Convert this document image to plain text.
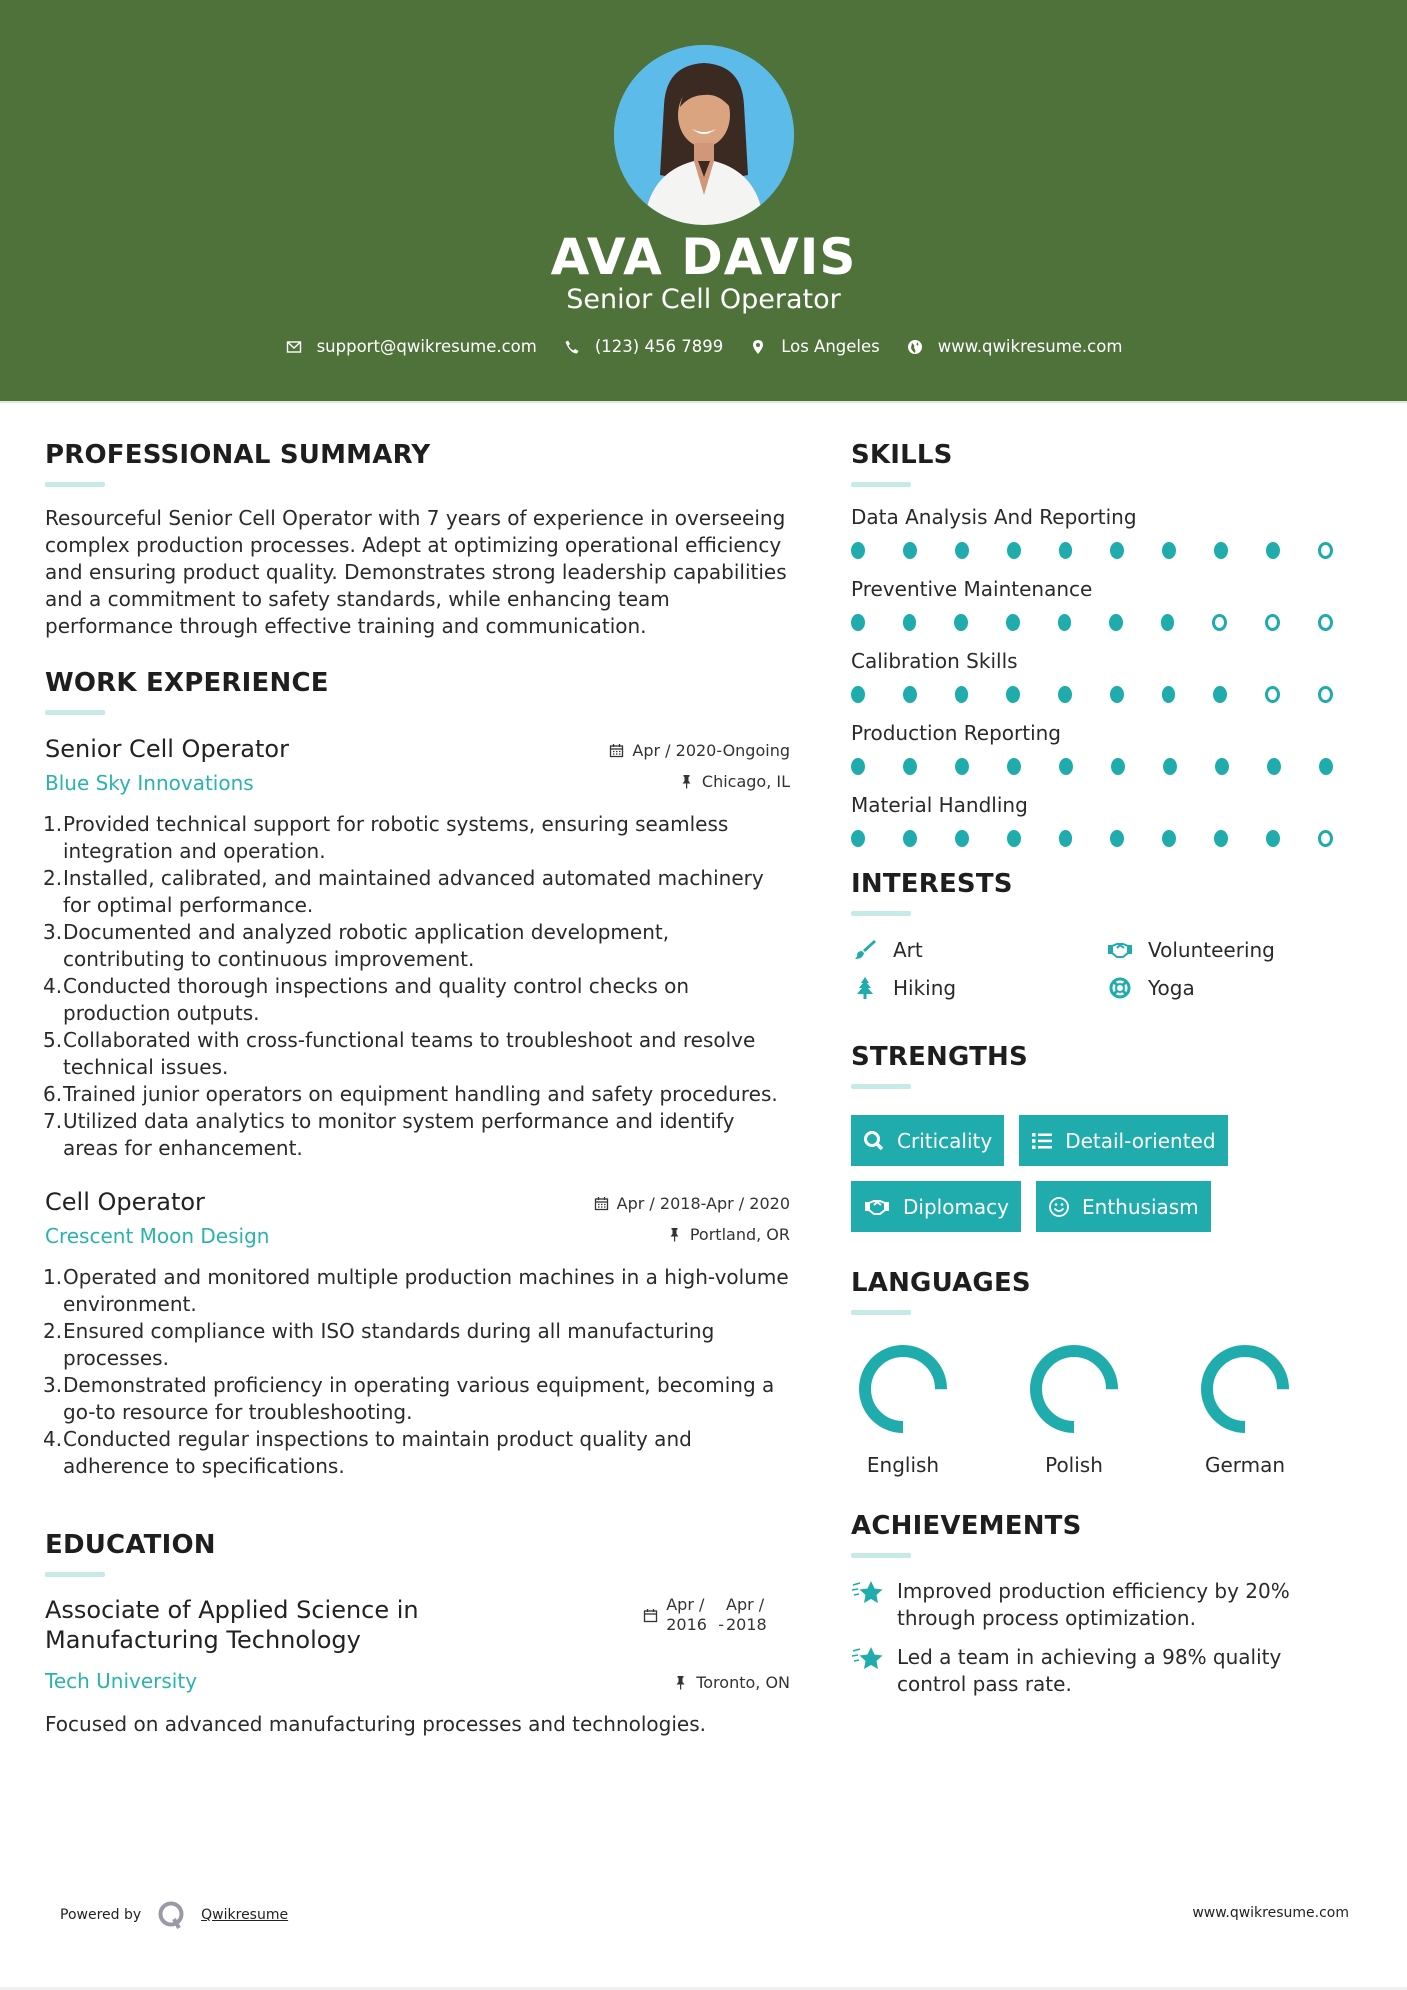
AVA DAVIS
Senior Cell Operator
support@qwikresume.com	(123) 456 7899	Los Angeles	www.qwikresume.com
PROFESSIONAL SUMMARY

Resourceful Senior Cell Operator with 7 years of experience in overseeing complex production processes. Adept at optimizing operational efficiency and ensuring product quality. Demonstrates strong leadership capabilities and a commitment to safety standards, while enhancing team performance through effective training and communication.

WORK EXPERIENCE
Senior Cell Operator
Blue Sky Innovations
Apr / 2020-Ongoing
Chicago, IL
1. Provided technical support for robotic systems, ensuring seamless integration and operation.
2. Installed, calibrated, and maintained advanced automated machinery for optimal performance.
3. Documented and analyzed robotic application development, contributing to continuous improvement.
4. Conducted thorough inspections and quality control checks on production outputs.
5. Collaborated with cross-functional teams to troubleshoot and resolve technical issues.
6. Trained junior operators on equipment handling and safety procedures.
7. Utilized data analytics to monitor system performance and identify areas for enhancement.
Cell Operator
Crescent Moon Design
Apr / 2018-Apr / 2020
Portland, OR
1. Operated and monitored multiple production machines in a high-volume environment.
2. Ensured compliance with ISO standards during all manufacturing processes.
3. Demonstrated proficiency in operating various equipment, becoming a go-to resource for troubleshooting.
4. Conducted regular inspections to maintain product quality and adherence to specifications.
EDUCATION
Associate of Applied Science in Manufacturing Technology
Tech University
Apr / 2016 -
Apr / 2018
Toronto, ON

Focused on advanced manufacturing processes and technologies.

SKILLS
Data Analysis And Reporting
Preventive Maintenance
Calibration Skills
Production Reporting
Material Handling
INTERESTS
Art	Volunteering
Hiking	Yoga
STRENGTHS
Criticality	Detail-oriented
Diplomacy	Enthusiasm
LANGUAGES
English	Polish	German
ACHIEVEMENTS
Improved production efficiency by 20% through process optimization.
Led a team in achieving a 98% quality control pass rate.
Powered by	Qwikresume	www.qwikresume.com
